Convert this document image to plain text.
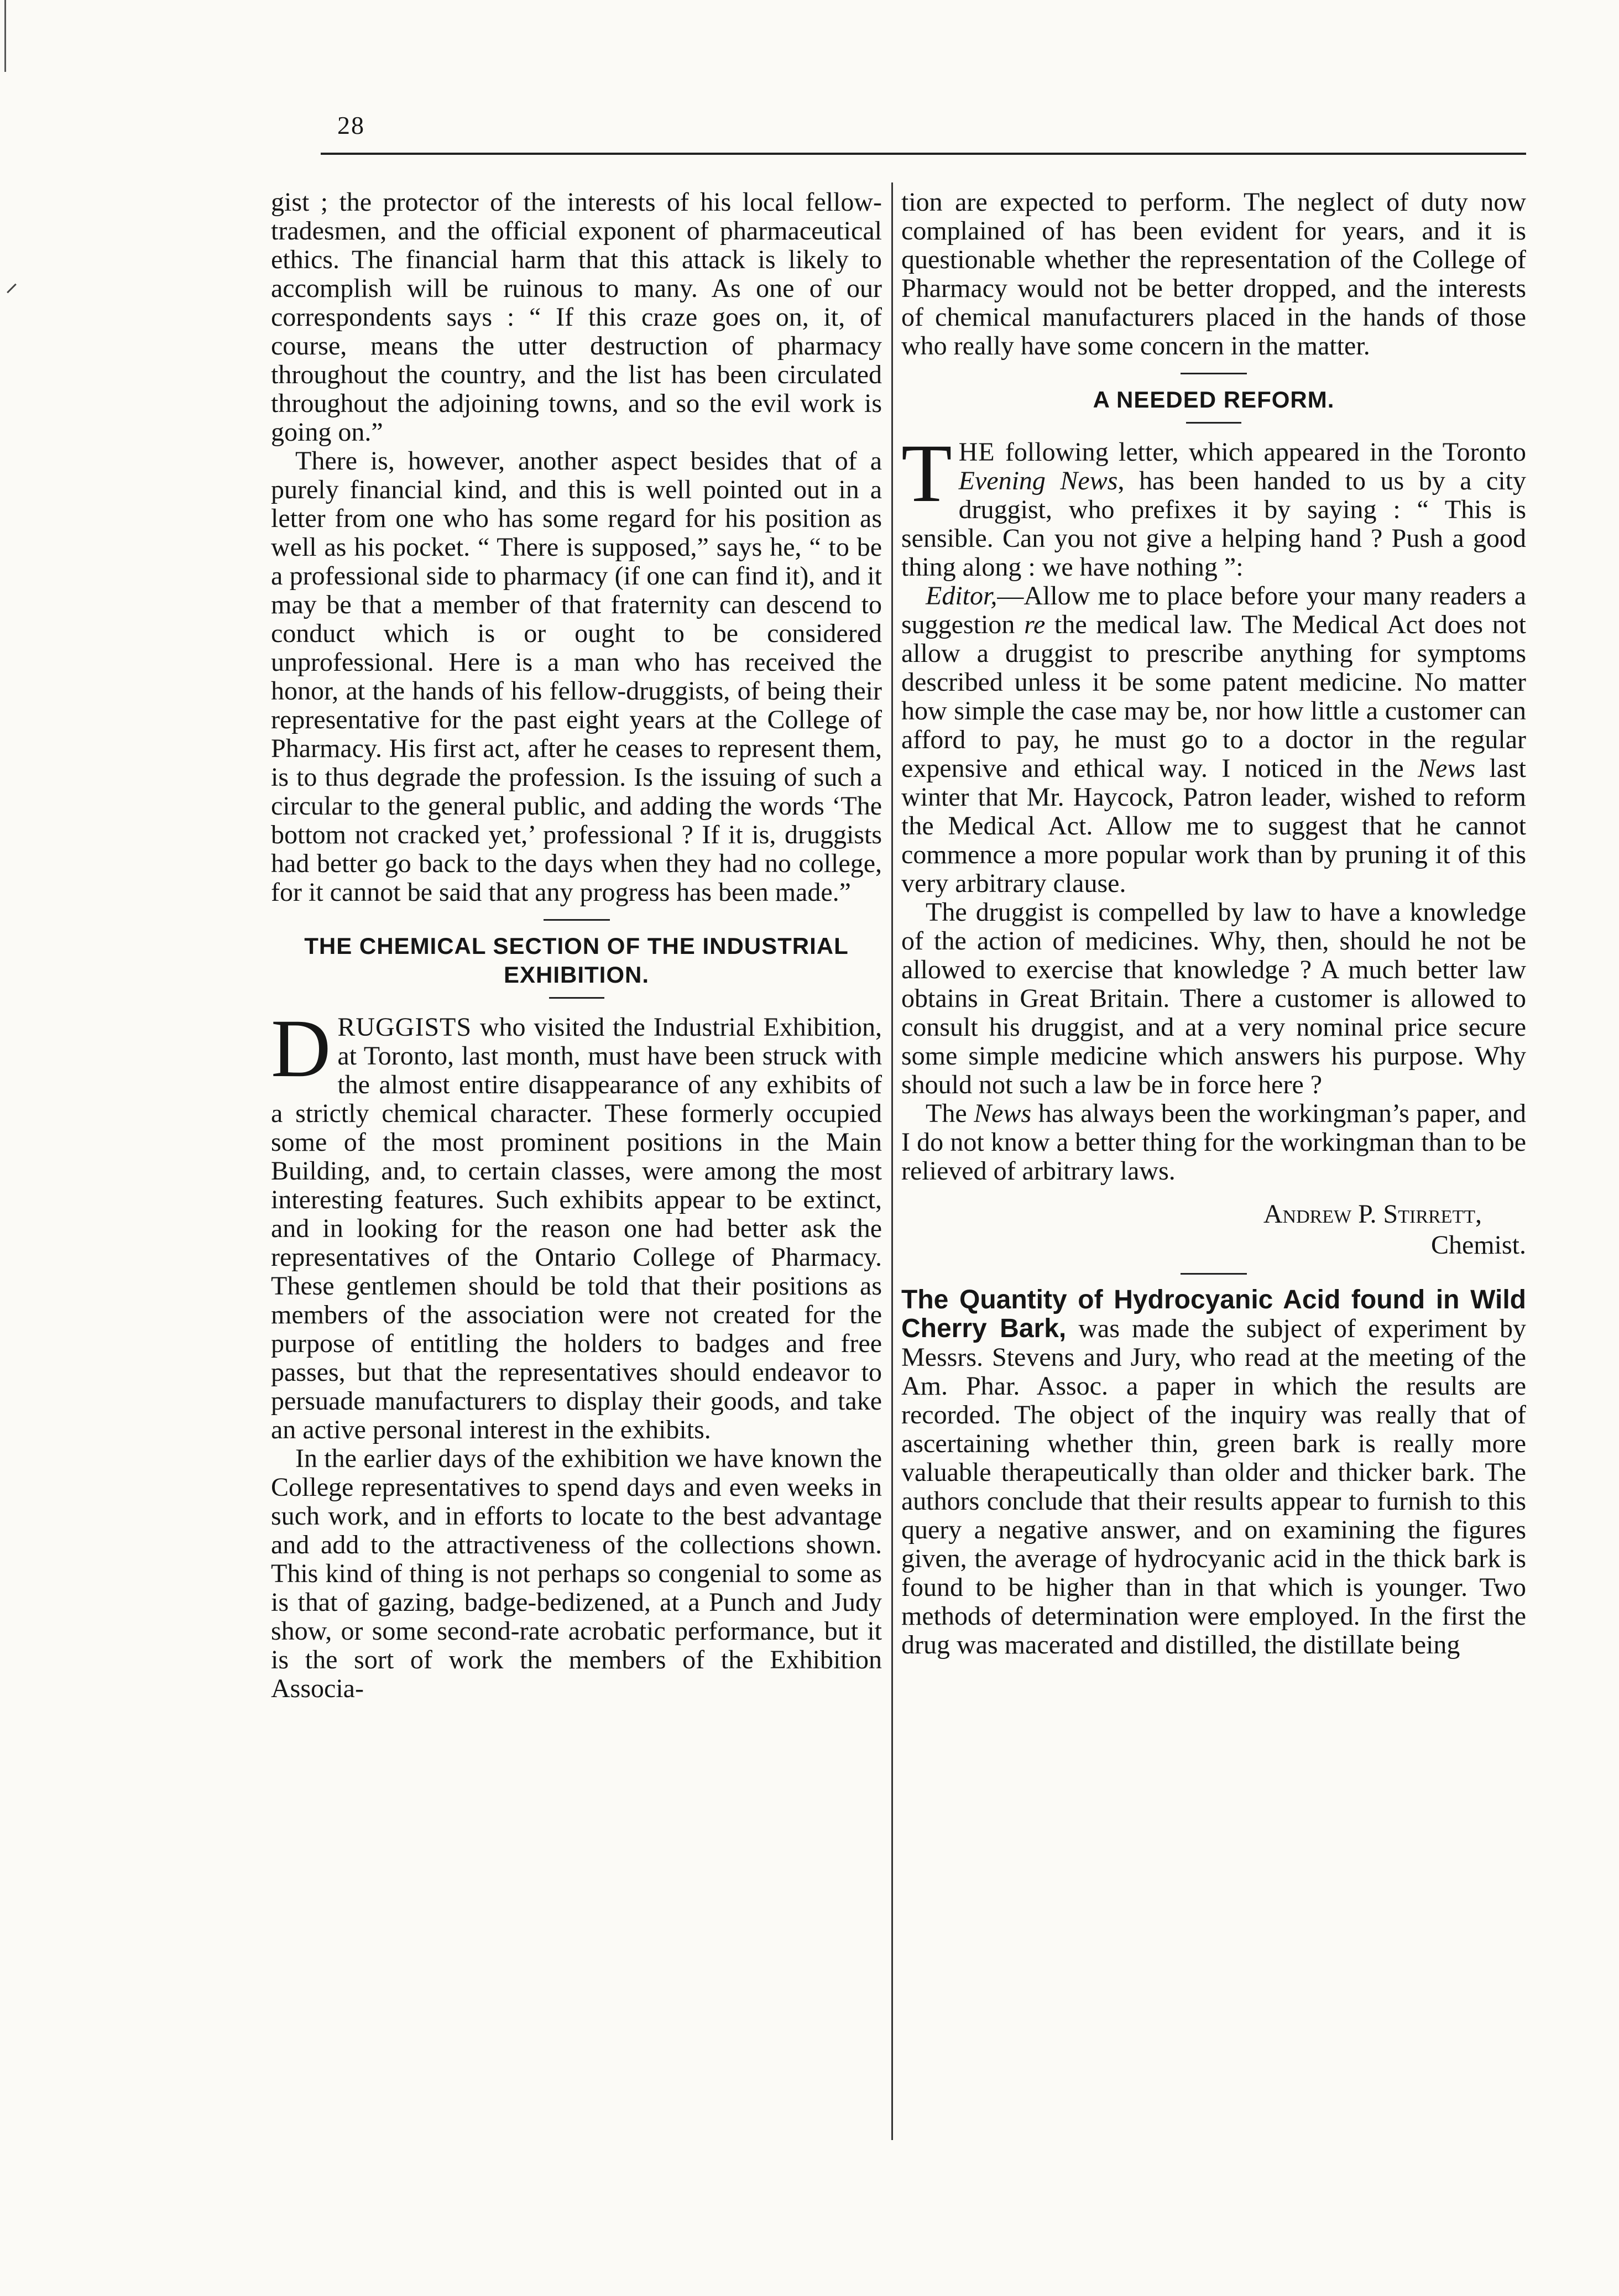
28

gist ; the protector of the interests of his local fellow-tradesmen, and the official exponent of pharmaceutical ethics. The financial harm that this attack is likely to accomplish will be ruinous to many. As one of our correspondents says : “ If this craze goes on, it, of course, means the utter destruction of pharmacy throughout the country, and the list has been circulated throughout the adjoining towns, and so the evil work is going on.”

There is, however, another aspect besides that of a purely financial kind, and this is well pointed out in a letter from one who has some regard for his position as well as his pocket. “ There is supposed,” says he, “ to be a professional side to pharmacy (if one can find it), and it may be that a member of that fraternity can descend to conduct which is or ought to be considered unprofessional. Here is a man who has received the honor, at the hands of his fellow-druggists, of being their representative for the past eight years at the College of Pharmacy. His first act, after he ceases to represent them, is to thus degrade the profession. Is the issuing of such a circular to the general public, and adding the words ‘The bottom not cracked yet,’ professional ? If it is, druggists had better go back to the days when they had no college, for it cannot be said that any progress has been made.”

THE CHEMICAL SECTION OF THE INDUSTRIAL EXHIBITION.

DRUGGISTS who visited the Industrial Exhibition, at Toronto, last month, must have been struck with the almost entire disappearance of any exhibits of a strictly chemical character. These formerly occupied some of the most prominent positions in the Main Building, and, to certain classes, were among the most interesting features. Such exhibits appear to be extinct, and in looking for the reason one had better ask the representatives of the Ontario College of Pharmacy. These gentlemen should be told that their positions as members of the association were not created for the purpose of entitling the holders to badges and free passes, but that the representatives should endeavor to persuade manufacturers to display their goods, and take an active personal interest in the exhibits.

In the earlier days of the exhibition we have known the College representatives to spend days and even weeks in such work, and in efforts to locate to the best advantage and add to the attractiveness of the collections shown. This kind of thing is not perhaps so congenial to some as is that of gazing, badge-bedizened, at a Punch and Judy show, or some second-rate acrobatic performance, but it is the sort of work the members of the Exhibition Associa-

tion are expected to perform. The neglect of duty now complained of has been evident for years, and it is questionable whether the representation of the College of Pharmacy would not be better dropped, and the interests of chemical manufacturers placed in the hands of those who really have some concern in the matter.

A NEEDED REFORM.

THE following letter, which appeared in the Toronto Evening News, has been handed to us by a city druggist, who prefixes it by saying : “ This is sensible. Can you not give a helping hand ? Push a good thing along : we have nothing ”:

Editor,—Allow me to place before your many readers a suggestion re the medical law. The Medical Act does not allow a druggist to prescribe anything for symptoms described unless it be some patent medicine. No matter how simple the case may be, nor how little a customer can afford to pay, he must go to a doctor in the regular expensive and ethical way. I noticed in the News last winter that Mr. Haycock, Patron leader, wished to reform the Medical Act. Allow me to suggest that he cannot commence a more popular work than by pruning it of this very arbitrary clause.

The druggist is compelled by law to have a knowledge of the action of medicines. Why, then, should he not be allowed to exercise that knowledge ? A much better law obtains in Great Britain. There a customer is allowed to consult his druggist, and at a very nominal price secure some simple medicine which answers his purpose. Why should not such a law be in force here ?

The News has always been the workingman’s paper, and I do not know a better thing for the workingman than to be relieved of arbitrary laws.

Andrew P. Stirrett,
Chemist.

The Quantity of Hydrocyanic Acid found in Wild Cherry Bark, was made the subject of experiment by Messrs. Stevens and Jury, who read at the meeting of the Am. Phar. Assoc. a paper in which the results are recorded. The object of the inquiry was really that of ascertaining whether thin, green bark is really more valuable therapeutically than older and thicker bark. The authors conclude that their results appear to furnish to this query a negative answer, and on examining the figures given, the average of hydrocyanic acid in the thick bark is found to be higher than in that which is younger. Two methods of determination were employed. In the first the drug was macerated and distilled, the distillate being
